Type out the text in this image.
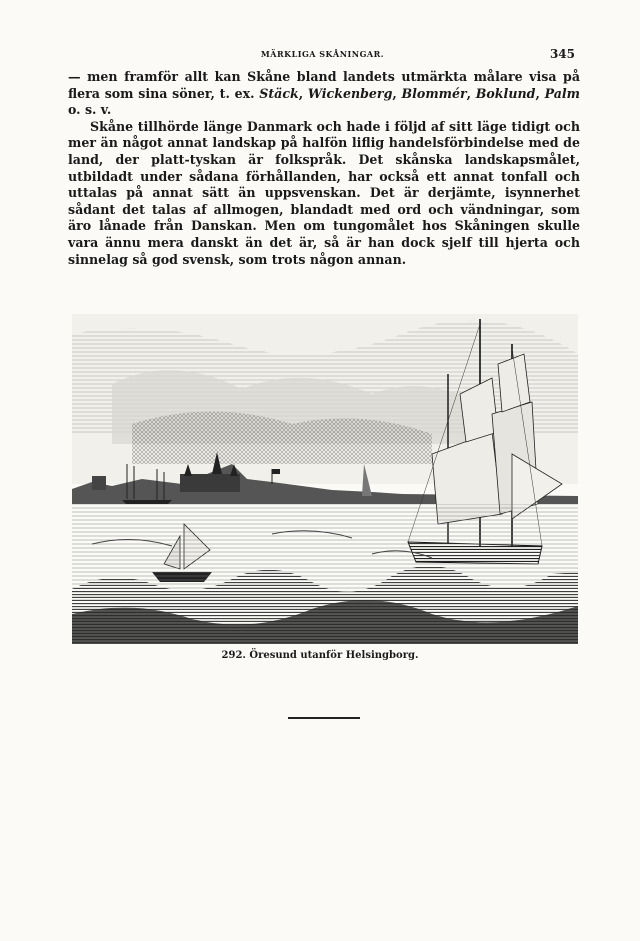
MÄRKLIGA SKÅNINGAR.	345

— men framför allt kan Skåne bland landets utmärkta målare visa på flera som sina söner, t. ex. Stäck, Wickenberg, Blommér, Boklund, Palm o. s. v.

Skåne tillhörde länge Danmark och hade i följd af sitt läge tidigt och mer än något annat landskap på halfön liflig handelsförbindelse med de land, der platt-tyskan är folkspråk. Det skånska landskapsmålet, utbildadt under sådana förhållanden, har också ett annat tonfall och uttalas på annat sätt än uppsvenskan. Det är derjämte, isynnerhet sådant det talas af allmogen, blandadt med ord och vändningar, som äro lånade från Danskan. Men om tungomålet hos Skåningen skulle vara ännu mera danskt än det är, så är han dock sjelf till hjerta och sinnelag så god svensk, som trots någon annan.

292. Öresund utanför Helsingborg.
